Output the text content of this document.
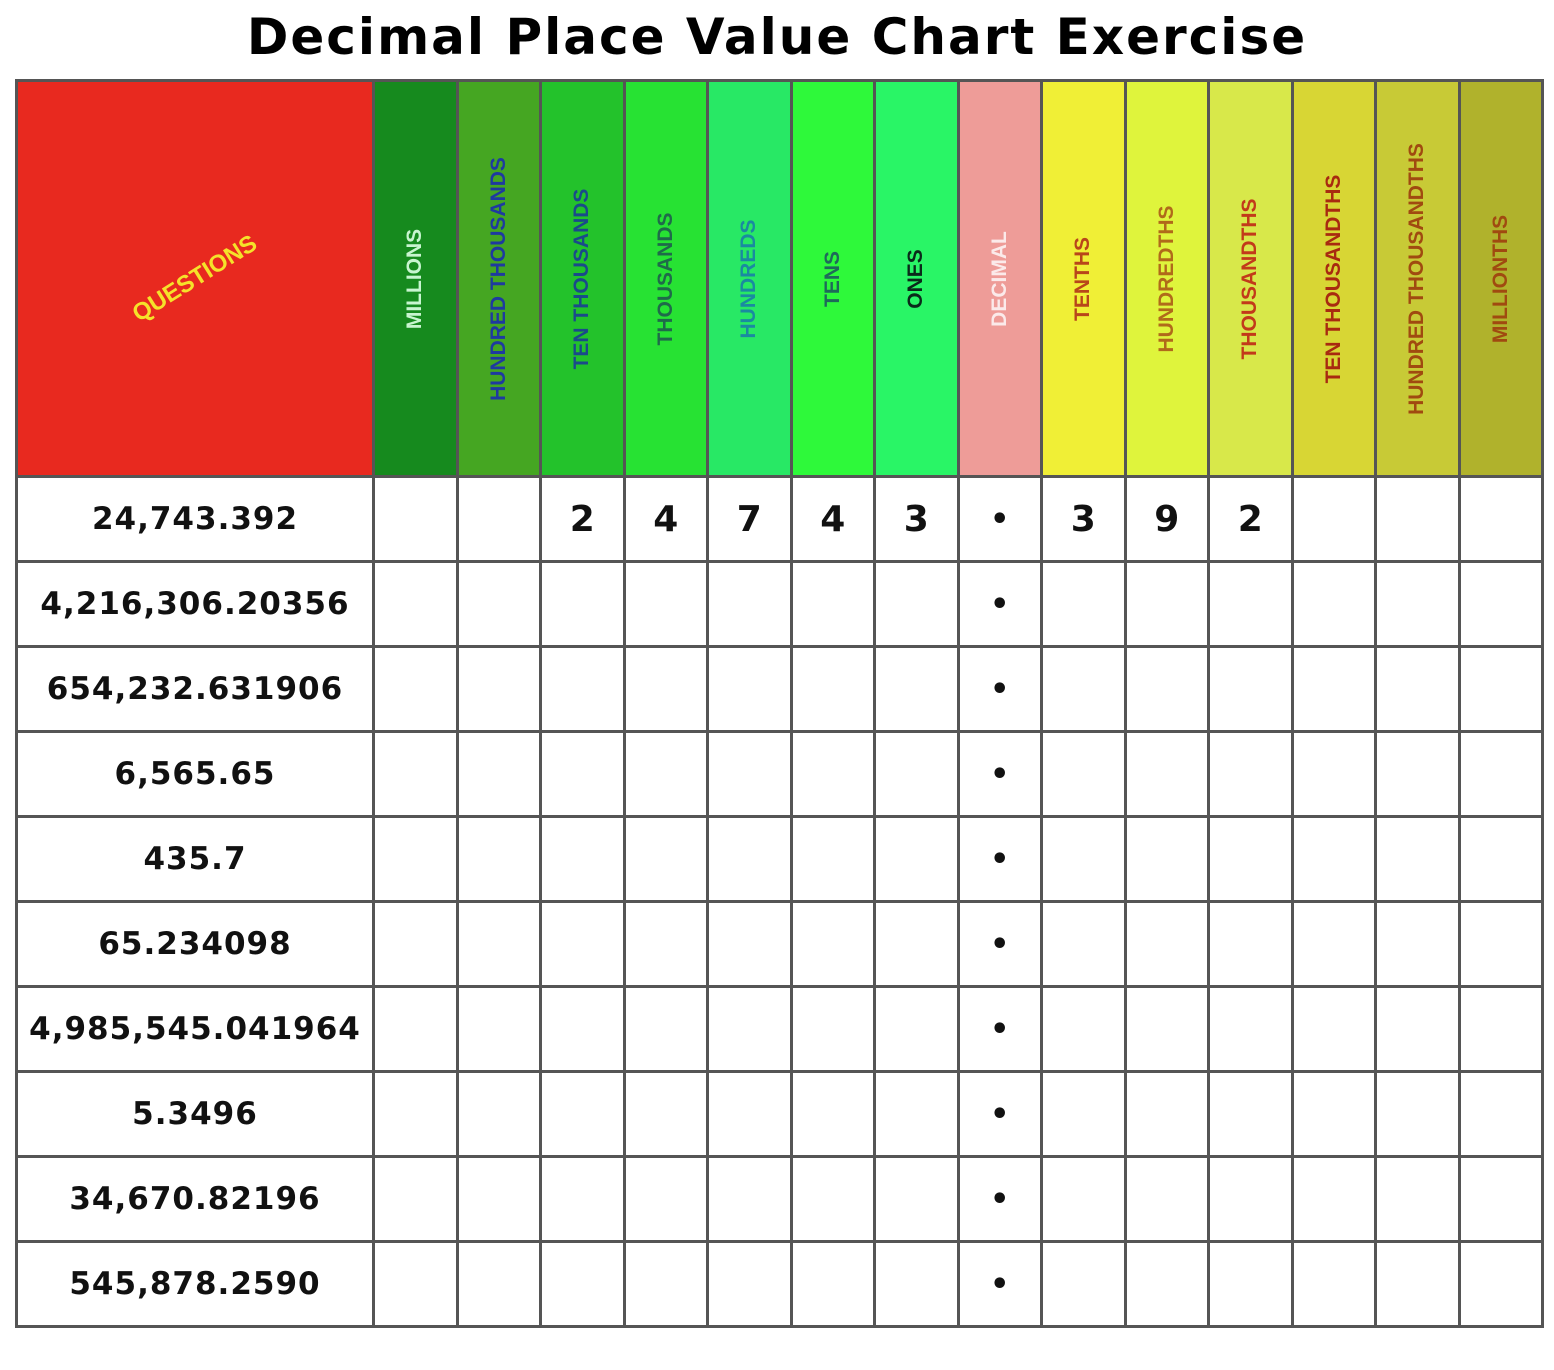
Decimal Place Value Chart Exercise
QUESTIONS	MILLIONS	HUNDRED THOUSANDS	TEN THOUSANDS	THOUSANDS	HUNDREDS	TENS	ONES	DECIMAL	TENTHS	HUNDREDTHS	THOUSANDTHS	TEN THOUSANDTHS	HUNDRED THOUSANDTHS	MILLIONTHS

24,743.392			2	4	7	4	3	•	3	9	2			
4,216,306.20356								•						
654,232.631906								•						
6,565.65								•						
435.7								•						
65.234098								•						
4,985,545.041964								•						
5.3496								•						
34,670.82196								•						
545,878.2590								•						
